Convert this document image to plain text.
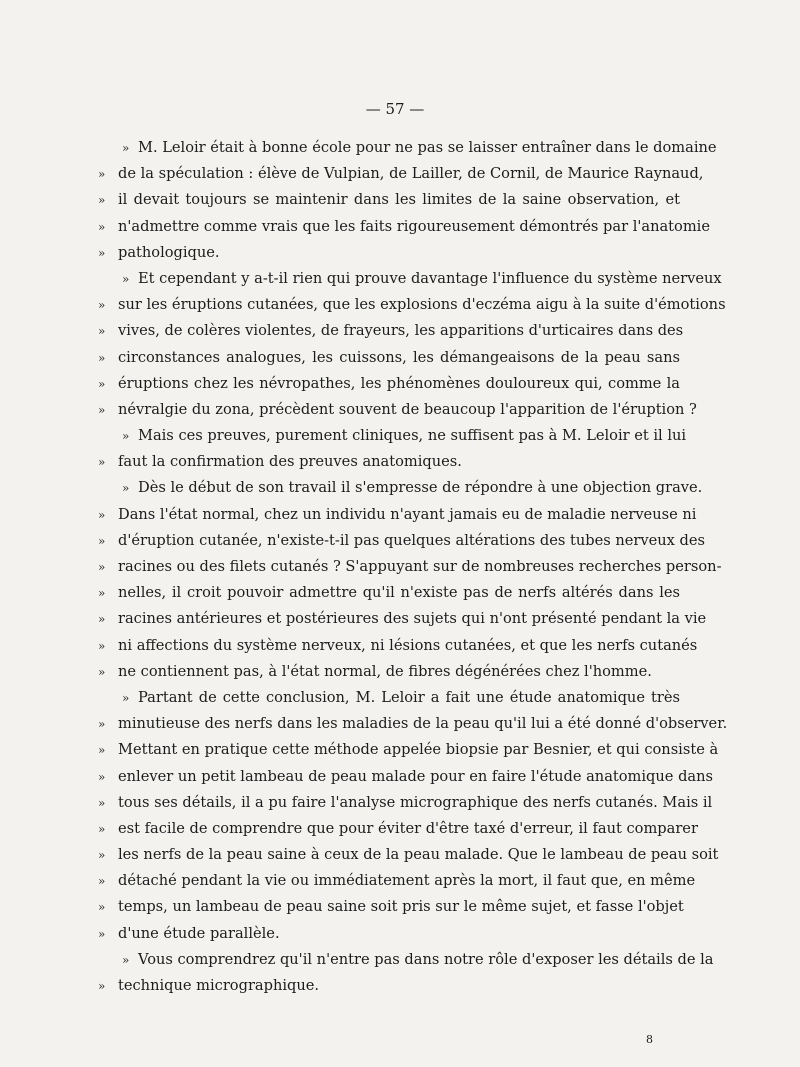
— 57 —
» M. Leloir était à bonne école pour ne pas se laisser entraîner dans le domaine
» de la spéculation : élève de Vulpian, de Lailler, de Cornil, de Maurice Raynaud,
» il devait toujours se maintenir dans les limites de la saine observation, et
» n'admettre comme vrais que les faits rigoureusement démontrés par l'anatomie
» pathologique.
» Et cependant y a-t-il rien qui prouve davantage l'influence du système nerveux
» sur les éruptions cutanées, que les explosions d'eczéma aigu à la suite d'émotions
» vives, de colères violentes, de frayeurs, les apparitions d'urticaires dans des
» circonstances analogues, les cuissons, les démangeaisons de la peau sans
» éruptions chez les névropathes, les phénomènes douloureux qui, comme la
» névralgie du zona, précèdent souvent de beaucoup l'apparition de l'éruption ?
» Mais ces preuves, purement cliniques, ne suffisent pas à M. Leloir et il lui
» faut la confirmation des preuves anatomiques.
» Dès le début de son travail il s'empresse de répondre à une objection grave.
» Dans l'état normal, chez un individu n'ayant jamais eu de maladie nerveuse ni
» d'éruption cutanée, n'existe-t-il pas quelques altérations des tubes nerveux des
» racines ou des filets cutanés ? S'appuyant sur de nombreuses recherches person-
» nelles, il croit pouvoir admettre qu'il n'existe pas de nerfs altérés dans les
» racines antérieures et postérieures des sujets qui n'ont présenté pendant la vie
» ni affections du système nerveux, ni lésions cutanées, et que les nerfs cutanés
» ne contiennent pas, à l'état normal, de fibres dégénérées chez l'homme.
» Partant de cette conclusion, M. Leloir a fait une étude anatomique très
» minutieuse des nerfs dans les maladies de la peau qu'il lui a été donné d'observer.
» Mettant en pratique cette méthode appelée biopsie par Besnier, et qui consiste à
» enlever un petit lambeau de peau malade pour en faire l'étude anatomique dans
» tous ses détails, il a pu faire l'analyse micrographique des nerfs cutanés. Mais il
» est facile de comprendre que pour éviter d'être taxé d'erreur, il faut comparer
» les nerfs de la peau saine à ceux de la peau malade. Que le lambeau de peau soit
» détaché pendant la vie ou immédiatement après la mort, il faut que, en même
» temps, un lambeau de peau saine soit pris sur le même sujet, et fasse l'objet
» d'une étude parallèle.
» Vous comprendrez qu'il n'entre pas dans notre rôle d'exposer les détails de la
» technique micrographique.
8
